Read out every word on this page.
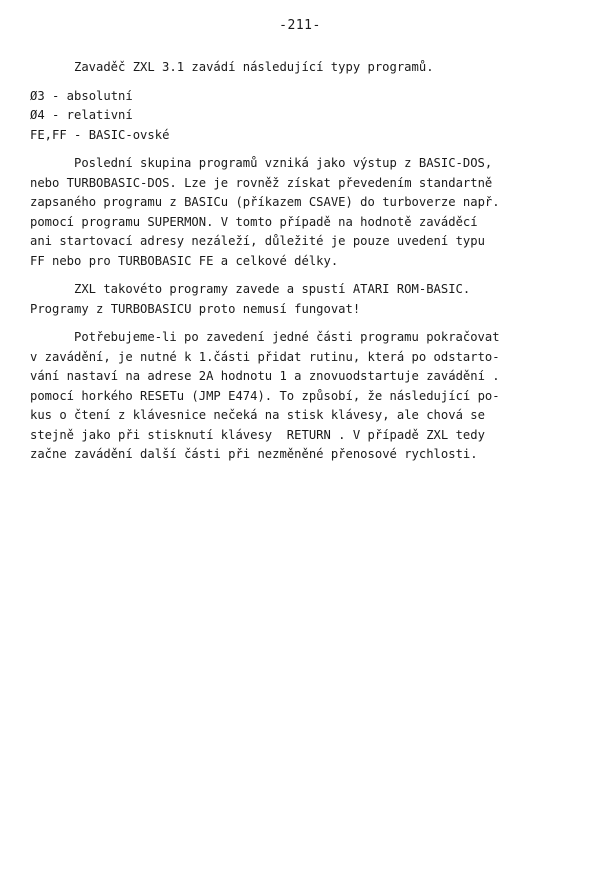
-211-
Zavaděč ZXL 3.1 zavádí následující typy programů.
Ø3 - absolutní
Ø4 - relativní
FE,FF - BASIC-ovské
Poslední skupina programů vzniká jako výstup z BASIC-DOS,
nebo TURBOBASIC-DOS. Lze je rovněž získat převedením standartně
zapsaného programu z BASICu (příkazem CSAVE) do turboverze např.
pomocí programu SUPERMON. V tomto případě na hodnotě zaváděcí
ani startovací adresy nezáleží, důležité je pouze uvedení typu
FF nebo pro TURBOBASIC FE a celkové délky.
ZXL takovéto programy zavede a spustí ATARI ROM-BASIC.
Programy z TURBOBASICU proto nemusí fungovat!
Potřebujeme-li po zavedení jedné části programu pokračovat
v zavádění, je nutné k 1.části přidat rutinu, která po odstarto-
vání nastaví na adrese 2A hodnotu 1 a znovuodstartuje zavádění .
pomocí horkého RESETu (JMP E474). To způsobí, že následující po-
kus o čtení z klávesnice nečeká na stisk klávesy, ale chová se
stejně jako při stisknutí klávesy  RETURN . V případě ZXL tedy
začne zavádění další části při nezměněné přenosové rychlosti.
